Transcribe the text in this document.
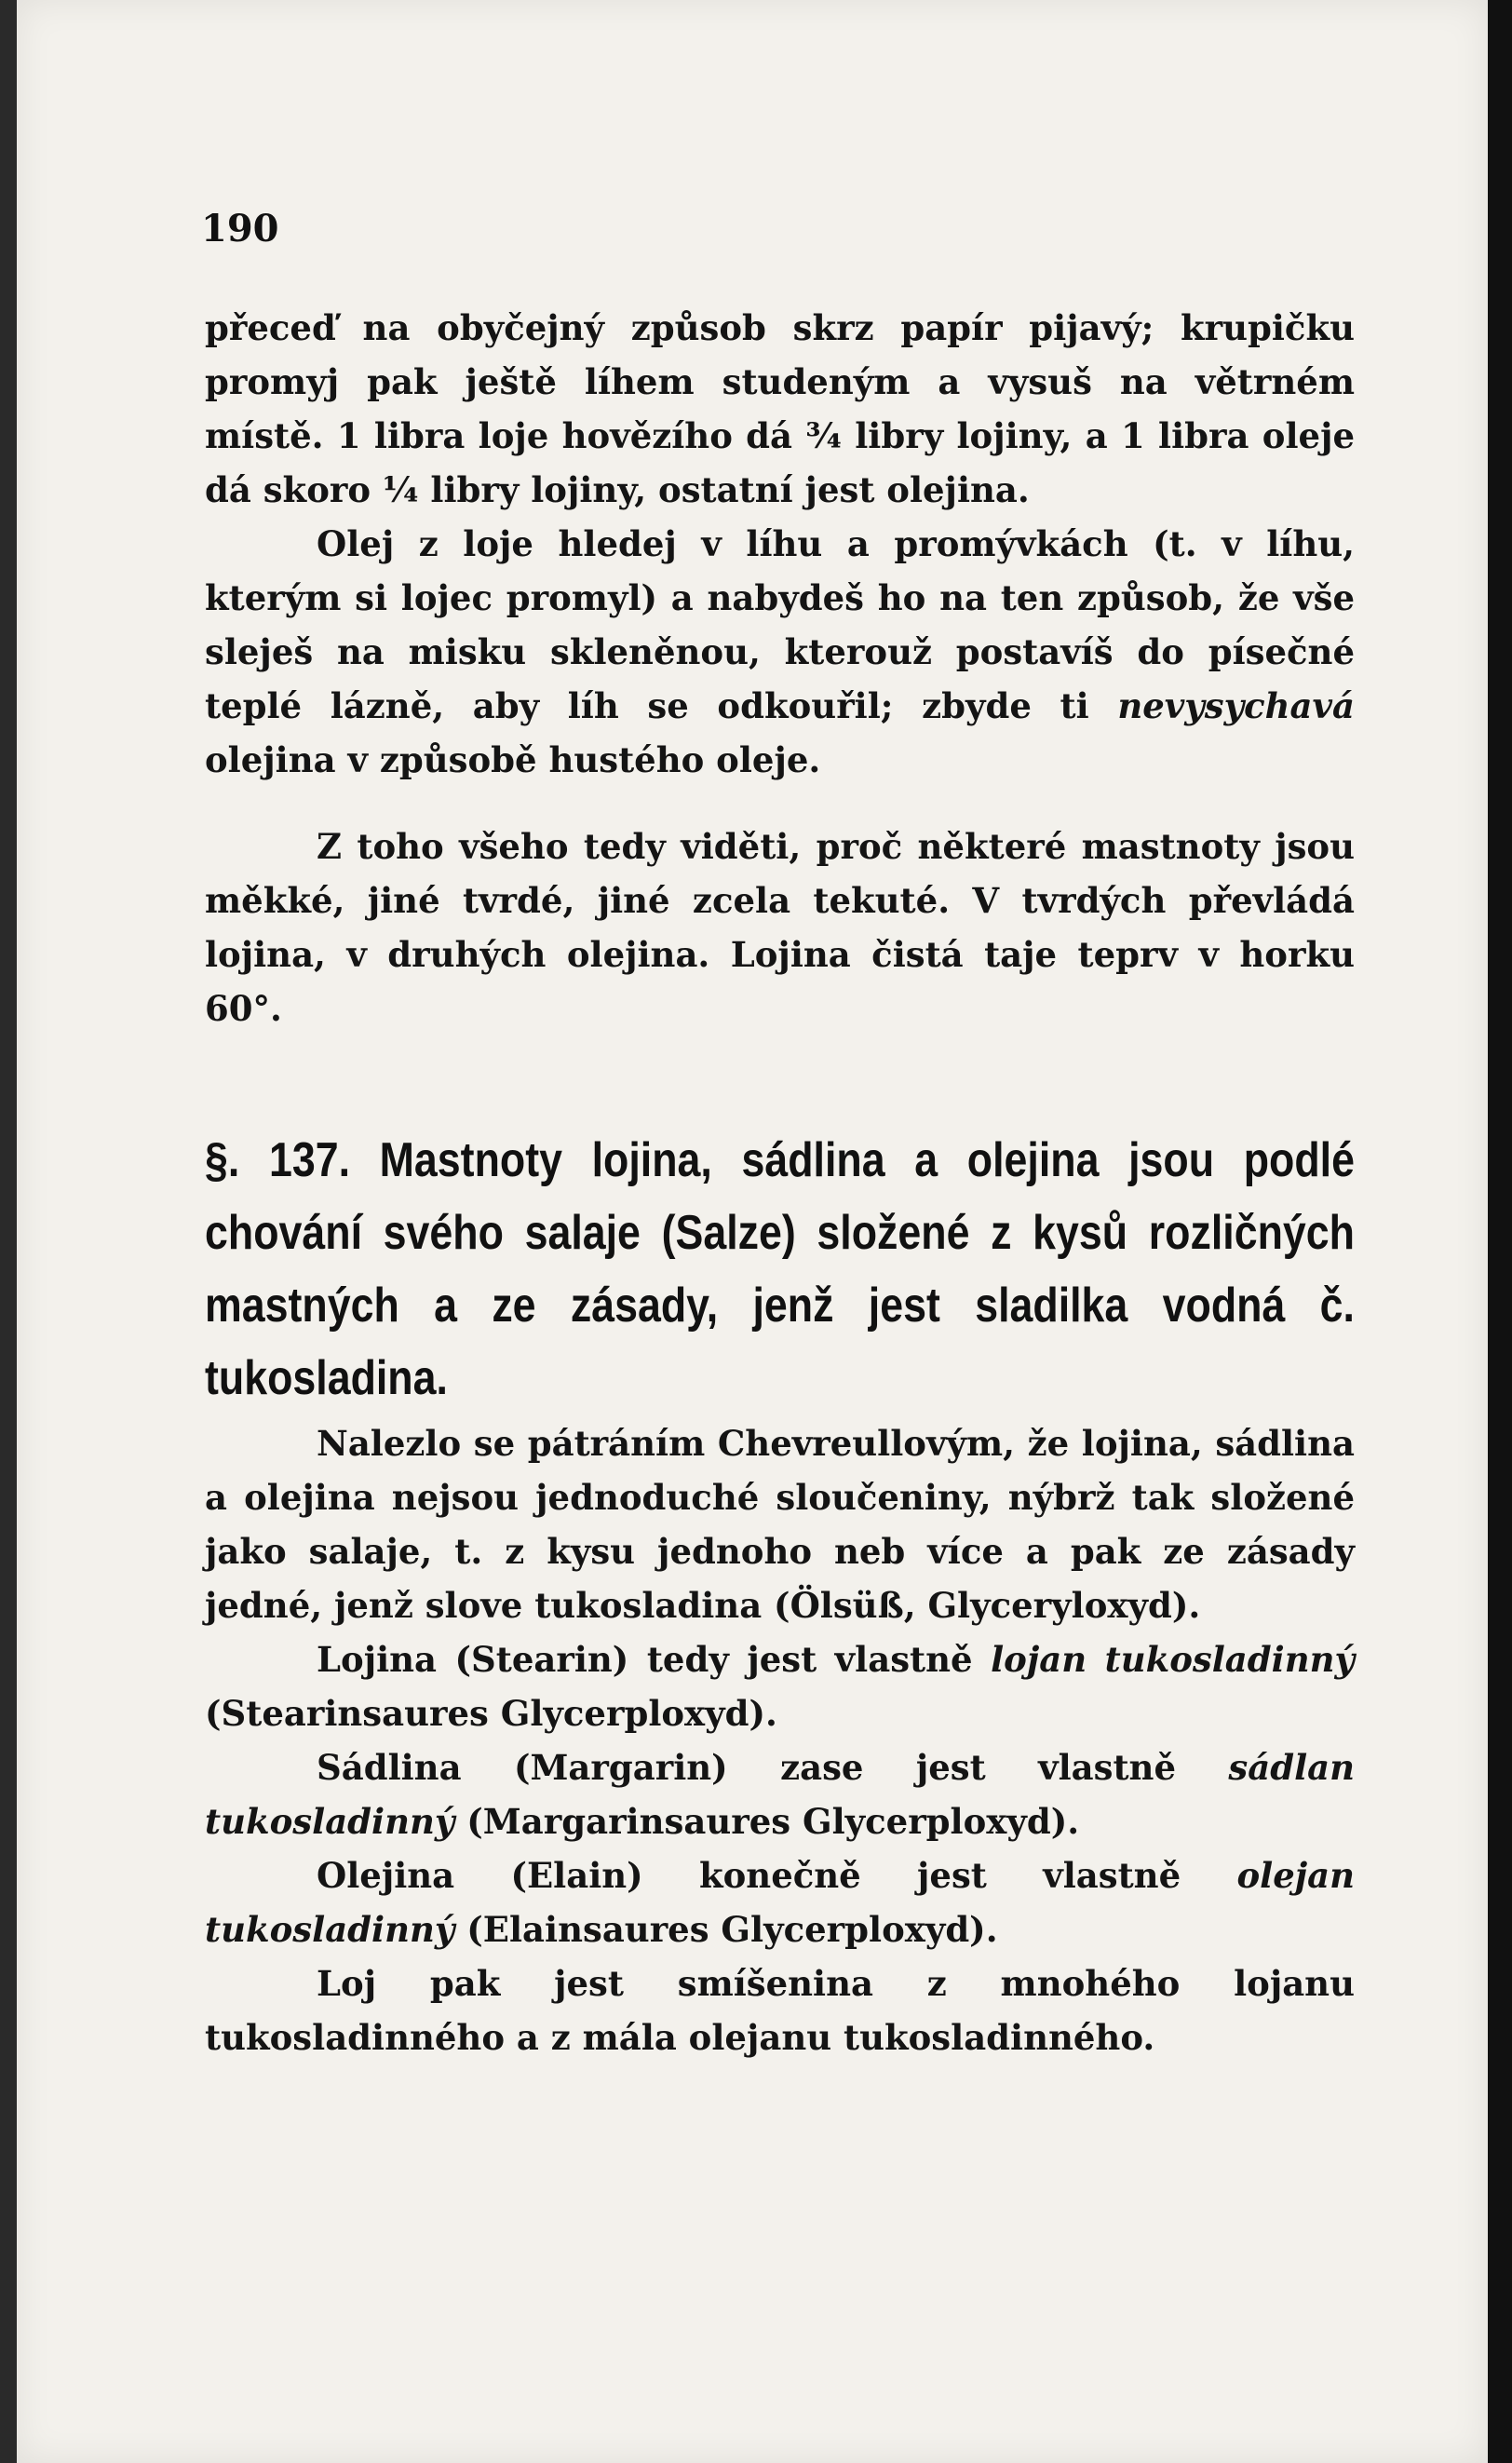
190

přeceď na obyčejný způsob skrz papír pijavý; krupičku promyj pak ještě líhem studeným a vysuš na větrném místě. 1 libra loje hovězího dá ¾ libry lojiny, a 1 libra oleje dá skoro ¼ libry lojiny, ostatní jest olejina.

Olej z loje hledej v líhu a promývkách (t. v líhu, kterým si lojec promyl) a nabydeš ho na ten způsob, že vše sleješ na misku skleněnou, kterouž postavíš do písečné teplé lázně, aby líh se odkouřil; zbyde ti nevysychavá olejina v způsobě hustého oleje.

Z toho všeho tedy viděti, proč některé mastnoty jsou měkké, jiné tvrdé, jiné zcela tekuté. V tvrdých převládá lojina, v druhých olejina. Lojina čistá taje teprv v horku 60°.

§. 137. Mastnoty lojina, sádlina a olejina jsou podlé chování svého salaje (Salze) složené z kysů rozličných mastných a ze zásady, jenž jest sladilka vodná č. tukosladina.

Nalezlo se pátráním Chevreullovým, že lojina, sádlina a olejina nejsou jednoduché sloučeniny, nýbrž tak složené jako salaje, t. z kysu jednoho neb více a pak ze zásady jedné, jenž slove tukosladina (Ölsüß, Glyceryloxyd).

Lojina (Stearin) tedy jest vlastně lojan tukosladinný (Stearinsaures Glycerploxyd).

Sádlina (Margarin) zase jest vlastně sádlan tukosladinný (Margarinsaures Glycerploxyd).

Olejina (Elain) konečně jest vlastně olejan tukosladinný (Elainsaures Glycerploxyd).

Loj pak jest smíšenina z mnohého lojanu tukosladinného a z mála olejanu tukosladinného.
